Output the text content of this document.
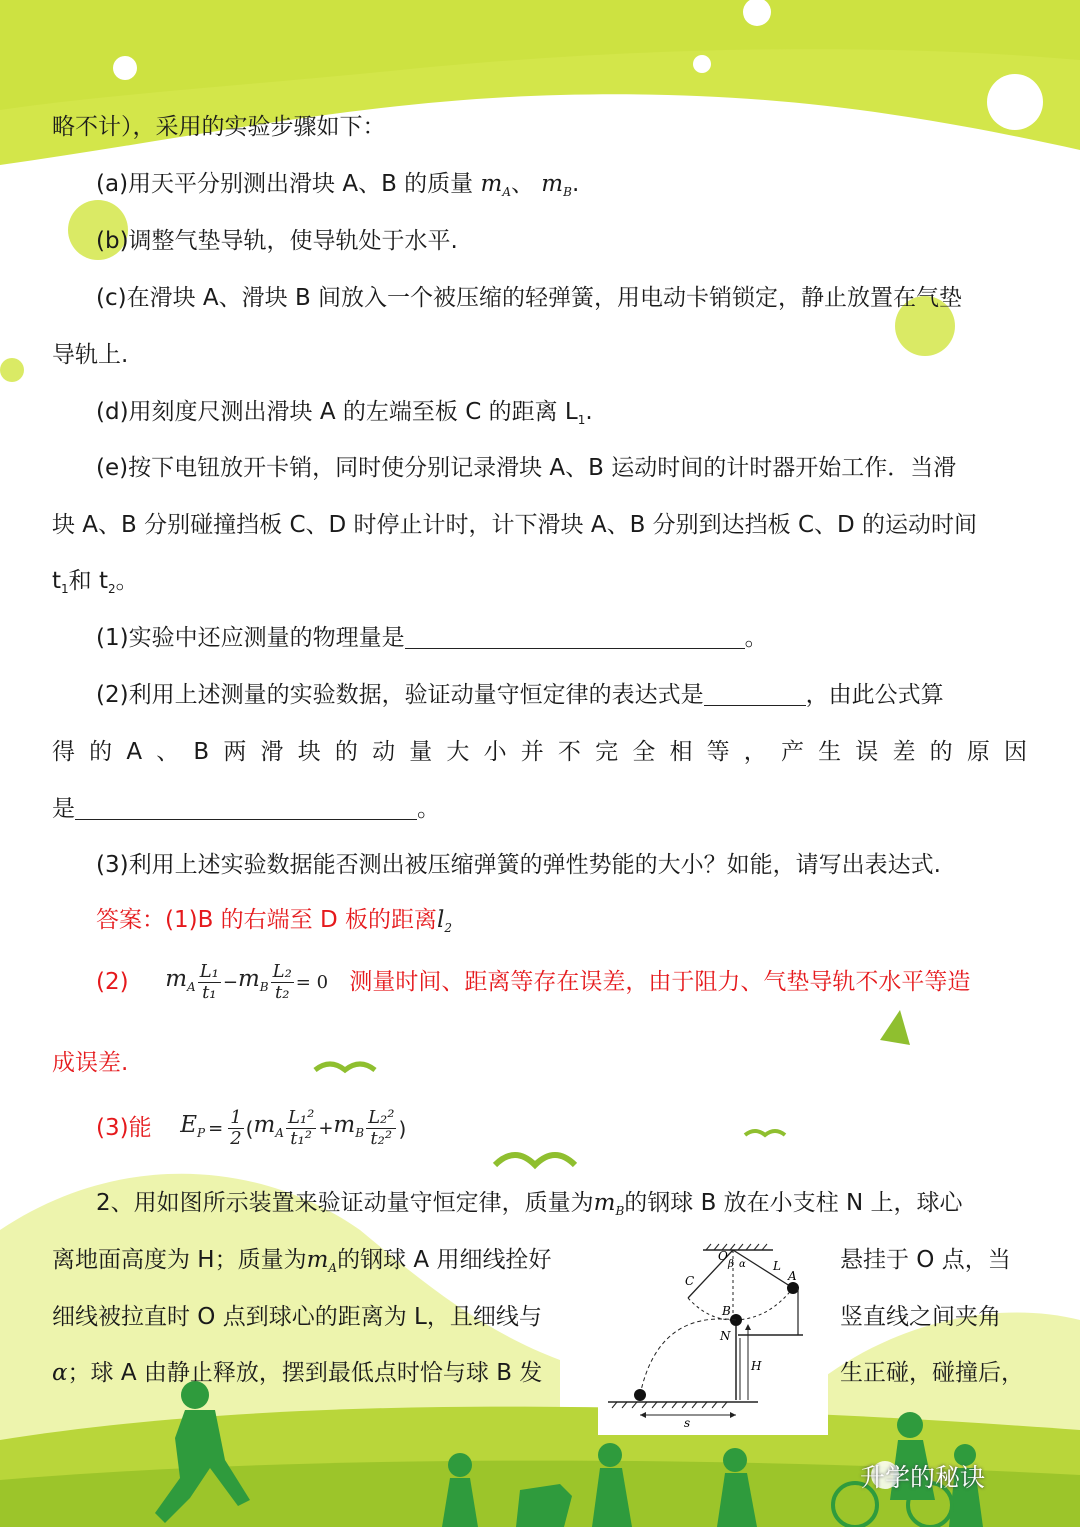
略不计），采用的实验步骤如下：
(a)用天平分别测出滑块 A、B 的质量 $m_A$、 $m_B$.
(b)调整气垫导轨，使导轨处于水平.
(c)在滑块 A、滑块 B 间放入一个被压缩的轻弹簧，用电动卡销锁定，静止放置在气垫
导轨上.
(d)用刻度尺测出滑块 A 的左端至板 C 的距离 $L_1$.
(e)按下电钮放开卡销，同时使分别记录滑块 A、B 运动时间的计时器开始工作．当滑
块 A、B 分别碰撞挡板 C、D 时停止计时，计下滑块 A、B 分别到达挡板 C、D 的运动时间
$t_1$和 $t_2$。
(1)实验中还应测量的物理量是	。
(2)利用上述测量的实验数据，验证动量守恒定律的表达式是	，由此公式算
得 的 A 、 B 两 滑 块 的 动 量 大 小 并 不 完 全 相 等 ， 产 生 误 差 的 原 因
是	。
(3)利用上述实验数据能否测出被压缩弹簧的弹性势能的大小？如能，请写出表达式.
答案：(1)B 的右端至 D 板的距离$l_2$
(2) $m_A \frac{\text{L₁}}{\text{t₁}} - m_B \frac{\text{L₂}}{\text{t₂}} = 0$ 测量时间、距离等存在误差，由于阻力、气垫导轨不水平等造
成误差.
(3)能 $E_P = \frac{1}{2}$ ( $m_A \frac{\text{L₁²}}{\text{t₁²}} + m_B \frac{\text{L₂²}}{\text{t₂²}}$ )
2、用如图所示装置来验证动量守恒定律，质量为$m_B$的钢球 B 放在小支柱 N 上，球心
离地面高度为 H；质量为$m_A$的钢球 A 用细线拴好	悬挂于 O 点，当
细线被拉直时 O 点到球心的距离为 L，且细线与	竖直线之间夹角
α；球 A 由静止释放，摆到最低点时恰与球 B 发	生正碰，碰撞后，
O
β α L
A
C
B
N
H
s
升学的秘诀
